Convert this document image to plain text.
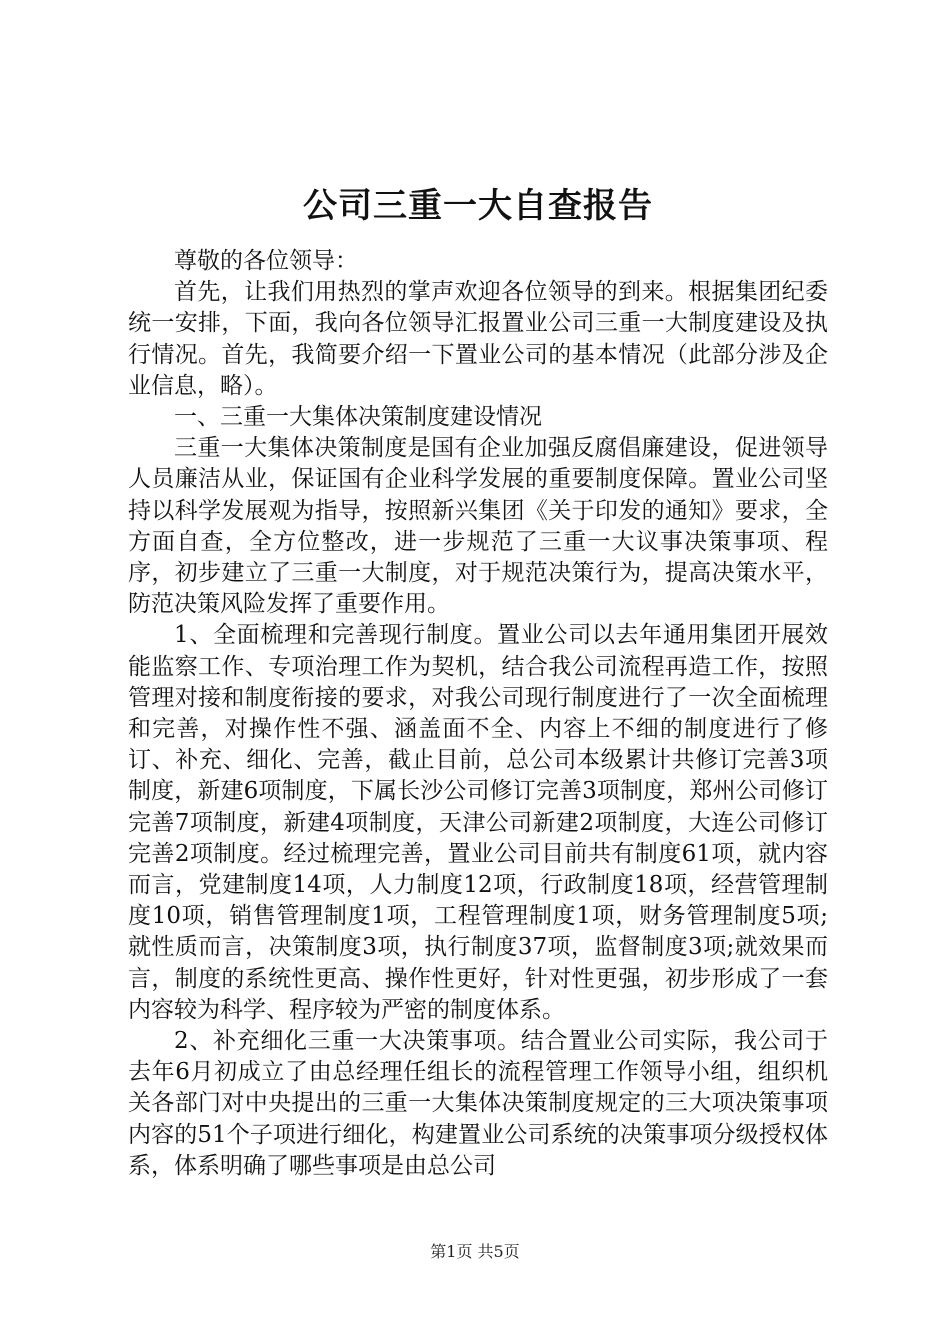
公司三重一大自查报告

尊敬的各位领导：

首先，让我们用热烈的掌声欢迎各位领导的到来。根据集团纪委统一安排，下面，我向各位领导汇报置业公司三重一大制度建设及执行情况。首先，我简要介绍一下置业公司的基本情况（此部分涉及企业信息，略）。

一、三重一大集体决策制度建设情况

三重一大集体决策制度是国有企业加强反腐倡廉建设，促进领导人员廉洁从业，保证国有企业科学发展的重要制度保障。置业公司坚持以科学发展观为指导，按照新兴集团《关于印发的通知》要求，全方面自查，全方位整改，进一步规范了三重一大议事决策事项、程序，初步建立了三重一大制度，对于规范决策行为，提高决策水平，防范决策风险发挥了重要作用。

1、全面梳理和完善现行制度。置业公司以去年通用集团开展效能监察工作、专项治理工作为契机，结合我公司流程再造工作，按照管理对接和制度衔接的要求，对我公司现行制度进行了一次全面梳理和完善，对操作性不强、涵盖面不全、内容上不细的制度进行了修订、补充、细化、完善，截止目前，总公司本级累计共修订完善3项制度，新建6项制度，下属长沙公司修订完善3项制度，郑州公司修订完善7项制度，新建4项制度，天津公司新建2项制度，大连公司修订完善2项制度。经过梳理完善，置业公司目前共有制度61项，就内容而言，党建制度14项，人力制度12项，行政制度18项，经营管理制度10项，销售管理制度1项，工程管理制度1项，财务管理制度5项;就性质而言，决策制度3项，执行制度37项，监督制度3项;就效果而言，制度的系统性更高、操作性更好，针对性更强，初步形成了一套内容较为科学、程序较为严密的制度体系。

2、补充细化三重一大决策事项。结合置业公司实际，我公司于去年6月初成立了由总经理任组长的流程管理工作领导小组，组织机关各部门对中央提出的三重一大集体决策制度规定的三大项决策事项内容的51个子项进行细化，构建置业公司系统的决策事项分级授权体系，体系明确了哪些事项是由总公司

第1页 共5页
